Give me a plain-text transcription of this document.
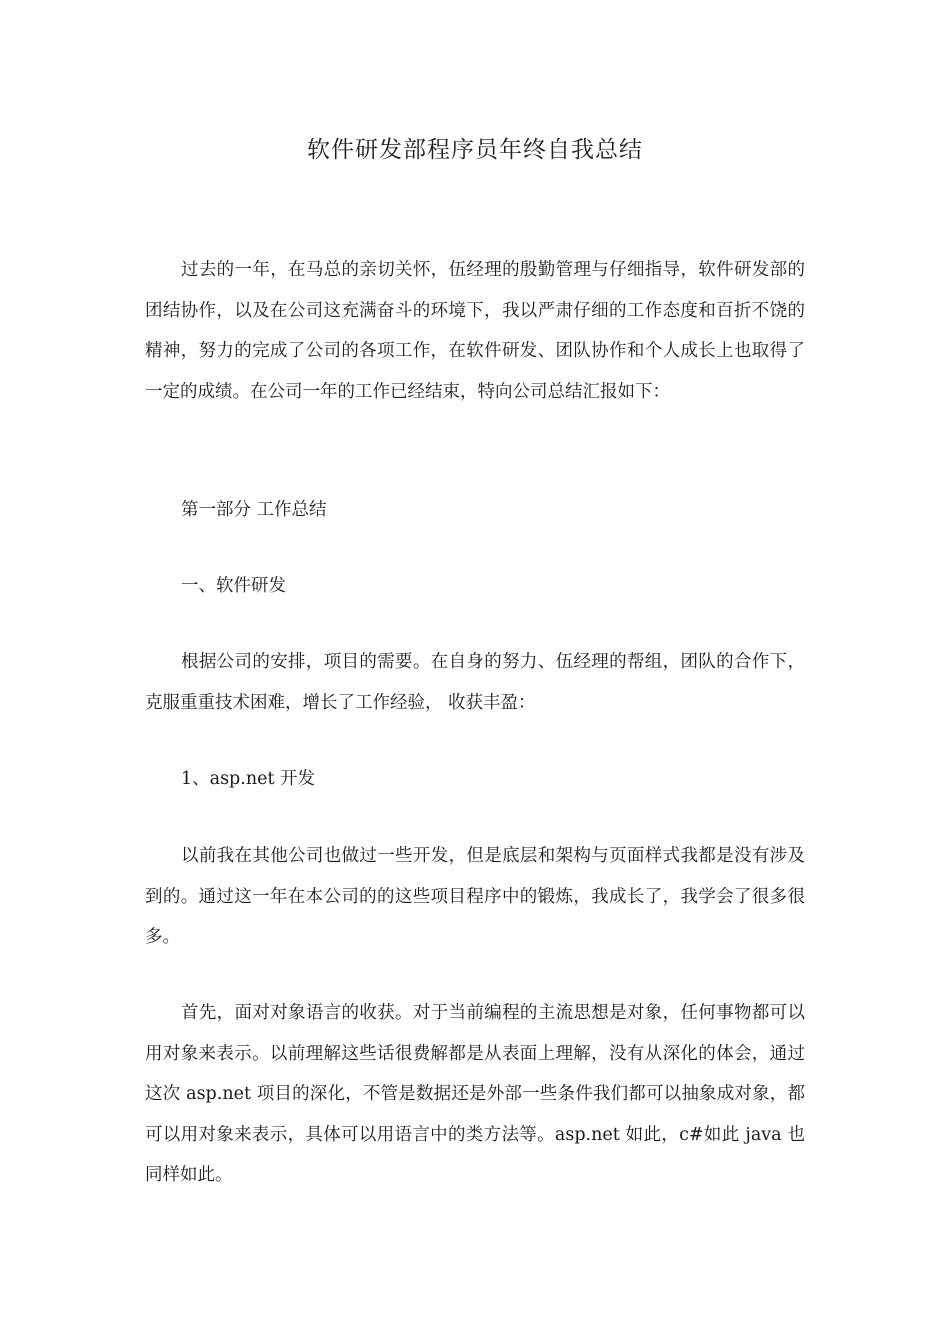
软件研发部程序员年终自我总结

过去的一年，在马总的亲切关怀，伍经理的殷勤管理与仔细指导，软件研发部的团结协作，以及在公司这充满奋斗的环境下，我以严肃仔细的工作态度和百折不饶的精神，努力的完成了公司的各项工作，在软件研发、团队协作和个人成长上也取得了一定的成绩。在公司一年的工作已经结束，特向公司总结汇报如下：

第一部分 工作总结

一、软件研发

根据公司的安排，项目的需要。在自身的努力、伍经理的帮组，团队的合作下，克服重重技术困难，增长了工作经验， 收获丰盈：

1、asp.net 开发

以前我在其他公司也做过一些开发，但是底层和架构与页面样式我都是没有涉及到的。通过这一年在本公司的的这些项目程序中的锻炼，我成长了，我学会了很多很多。

首先，面对对象语言的收获。对于当前编程的主流思想是对象，任何事物都可以用对象来表示。以前理解这些话很费解都是从表面上理解，没有从深化的体会，通过这次 asp.net 项目的深化，不管是数据还是外部一些条件我们都可以抽象成对象，都可以用对象来表示，具体可以用语言中的类方法等。asp.net 如此，c#如此 java 也同样如此。
